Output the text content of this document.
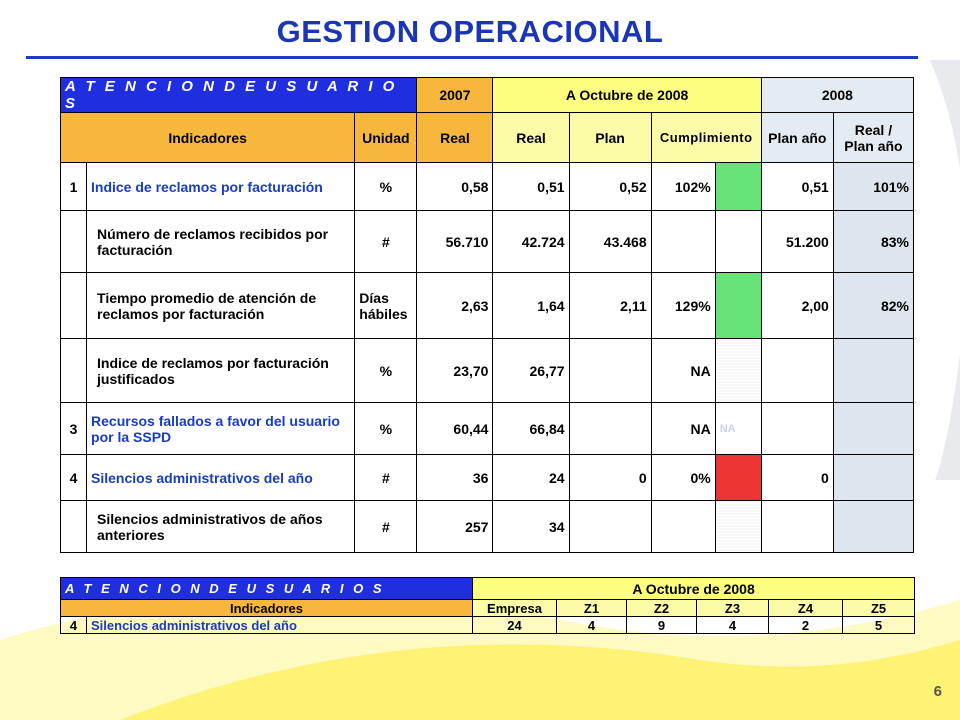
GESTION OPERACIONAL
A T E N C I O N D E U S U A R I O S			2007	A Octubre de 2008				2008	
Indicadores		Unidad	Real	Real	Plan	Cumplimiento		Plan año	Real /
Plan año

1	Indice de reclamos por facturación	%	0,58	0,51	0,52	102%		0,51	101%
	Número de reclamos recibidos por facturación	#	56.710	42.724	43.468			51.200	83%
	Tiempo promedio de atención de reclamos por facturación	Días hábiles	2,63	1,64	2,11	129%		2,00	82%
	Indice de reclamos por facturación justificados	%	23,70	26,77		NA			
3	Recursos fallados a favor del usuario por la SSPD	%	60,44	66,84		NA	NA		
4	Silencios administrativos del año	#	36	24	0	0%		0	
	Silencios administrativos de años anteriores	#	257	34					
A T E N C I O N D E U S U A R I O S		A Octubre de 2008					
Indicadores		Empresa	Z1	Z2	Z3	Z4	Z5
4	Silencios administrativos del año	24	4	9	4	2	5
6
